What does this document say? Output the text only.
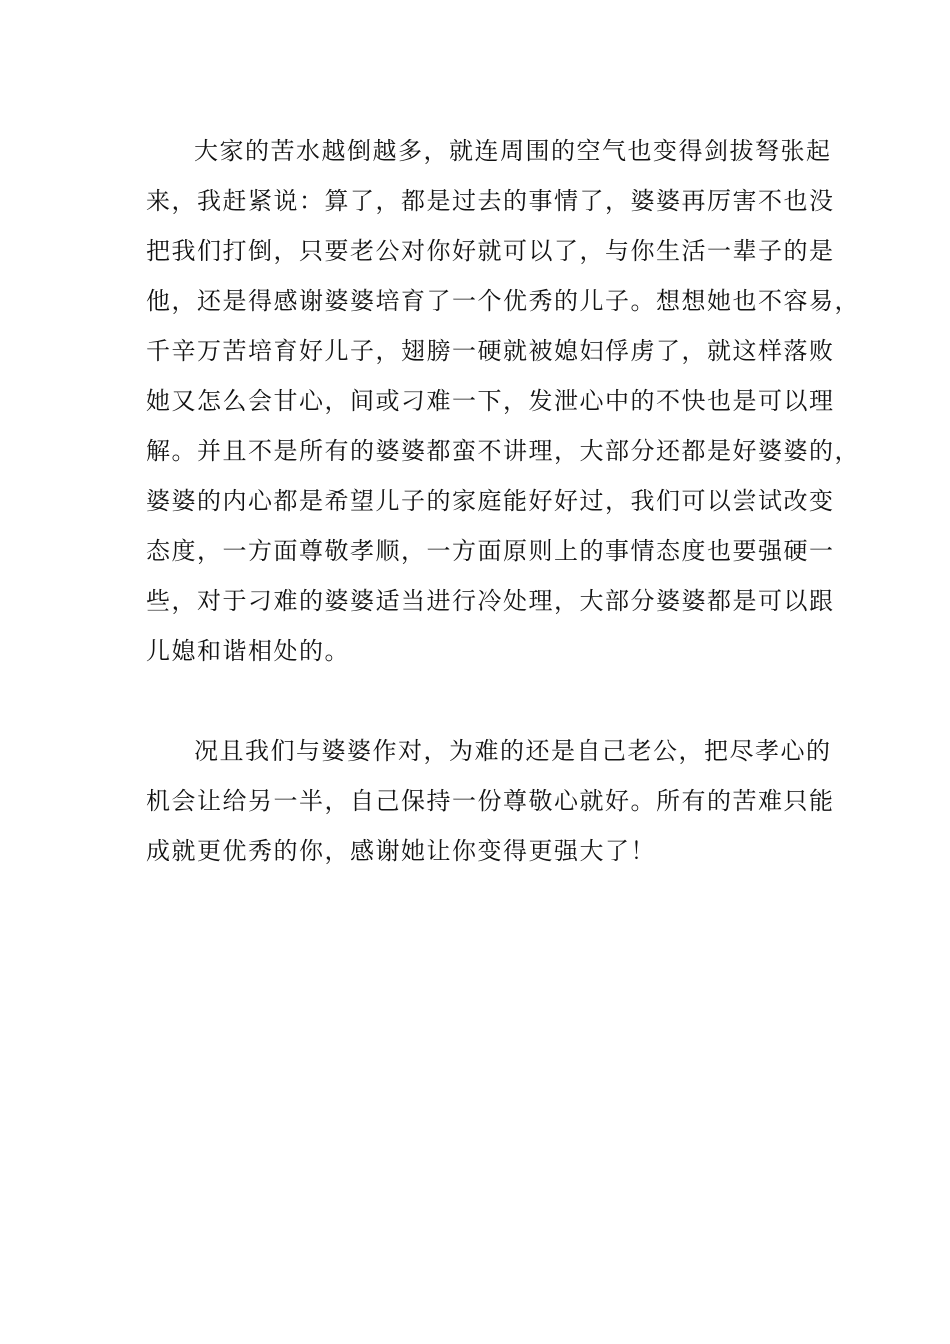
大家的苦水越倒越多，就连周围的空气也变得剑拔弩张起
来，我赶紧说：算了，都是过去的事情了，婆婆再厉害不也没
把我们打倒，只要老公对你好就可以了，与你生活一辈子的是
他，还是得感谢婆婆培育了一个优秀的儿子。想想她也不容易，
千辛万苦培育好儿子，翅膀一硬就被媳妇俘虏了，就这样落败
她又怎么会甘心，间或刁难一下，发泄心中的不快也是可以理
解。并且不是所有的婆婆都蛮不讲理，大部分还都是好婆婆的，
婆婆的内心都是希望儿子的家庭能好好过，我们可以尝试改变
态度，一方面尊敬孝顺，一方面原则上的事情态度也要强硬一
些，对于刁难的婆婆适当进行冷处理，大部分婆婆都是可以跟
儿媳和谐相处的。
况且我们与婆婆作对，为难的还是自己老公，把尽孝心的
机会让给另一半，自己保持一份尊敬心就好。所有的苦难只能
成就更优秀的你，感谢她让你变得更强大了！
